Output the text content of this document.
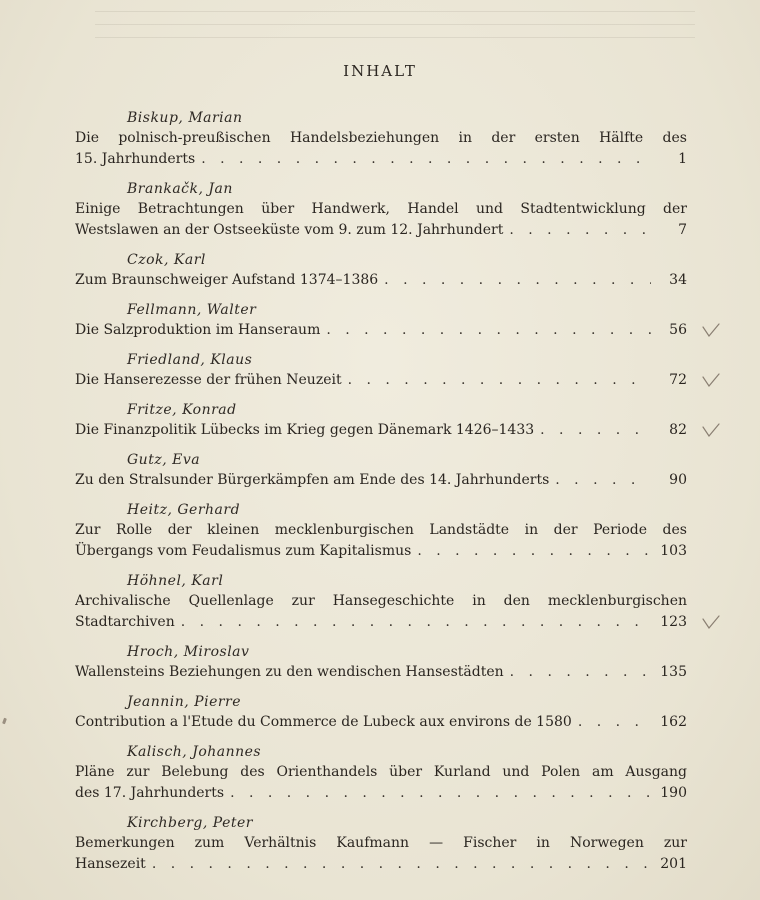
INHALT
Biskup, Marian
Die polnisch-preußischen Handelsbeziehungen in der ersten Hälfte des
15. Jahrhunderts . . .	1
Brankačk, Jan
Einige Betrachtungen über Handwerk, Handel und Stadtentwicklung der
Westslawen an der Ostseeküste vom 9. zum 12. Jahrhundert . . .	7
Czok, Karl
Zum Braunschweiger Aufstand 1374–1386 . . .	34
Fellmann, Walter
Die Salzproduktion im Hanseraum . . .	56
Friedland, Klaus
Die Hanserezesse der frühen Neuzeit . . .	72
Fritze, Konrad
Die Finanzpolitik Lübecks im Krieg gegen Dänemark 1426–1433 . . .	82
Gutz, Eva
Zu den Stralsunder Bürgerkämpfen am Ende des 14. Jahrhunderts . . .	90
Heitz, Gerhard
Zur Rolle der kleinen mecklenburgischen Landstädte in der Periode des
Übergangs vom Feudalismus zum Kapitalismus . . .	103
Höhnel, Karl
Archivalische Quellenlage zur Hansegeschichte in den mecklenburgischen
Stadtarchiven . . .	123
Hroch, Miroslav
Wallensteins Beziehungen zu den wendischen Hansestädten . . .	135
Jeannin, Pierre
Contribution a l'Etude du Commerce de Lubeck aux environs de 1580 . . .	162
Kalisch, Johannes
Pläne zur Belebung des Orienthandels über Kurland und Polen am Ausgang
des 17. Jahrhunderts . . .	190
Kirchberg, Peter
Bemerkungen zum Verhältnis Kaufmann — Fischer in Norwegen zur
Hansezeit . . .	201
